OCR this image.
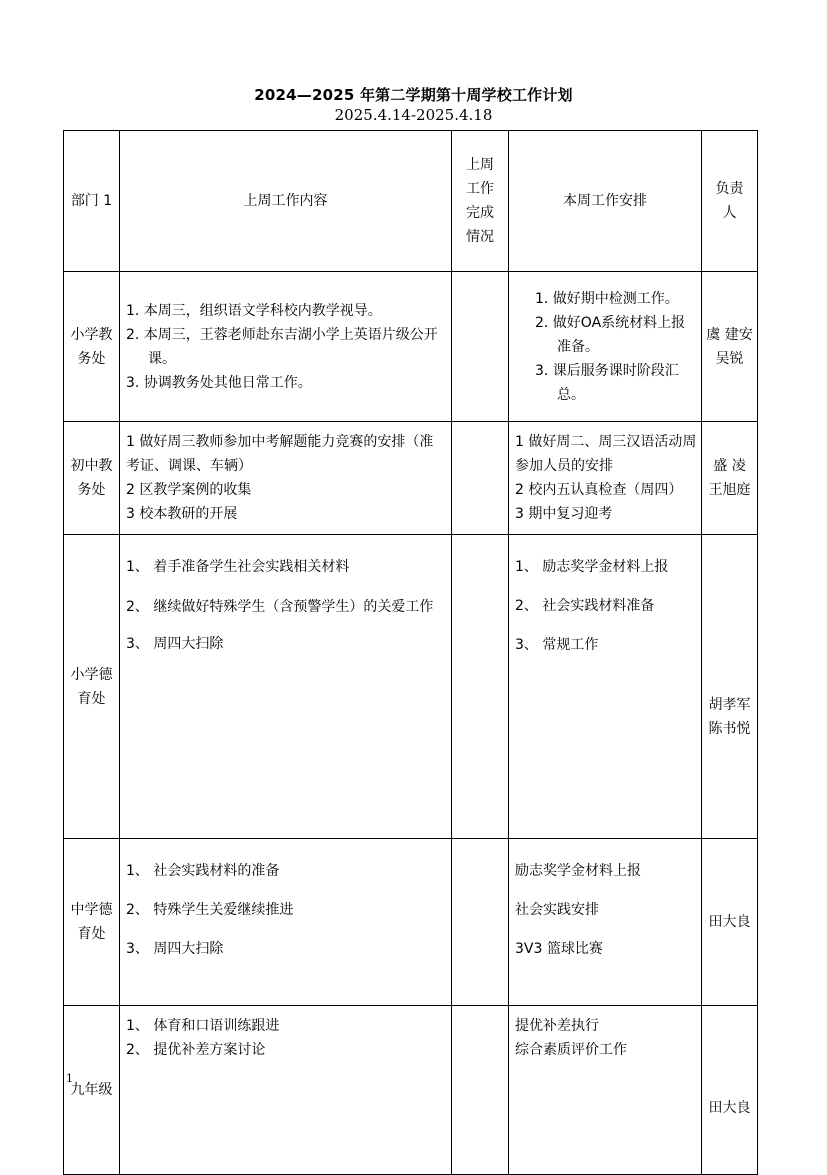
2024—2025 年第二学期第十周学校工作计划
2025.4.14-2025.4.18
部门 1	上周工作内容	上周工作完成情况	本周工作安排	负责人
小学教务处	1. 本周三，组织语文学科校内教学视导。
2. 本周三，王蓉老师赴东吉湖小学上英语片级公开课。
3. 协调教务处其他日常工作。		1. 做好期中检测工作。
2. 做好OA系统材料上报准备。
3. 课后服务课时阶段汇总。	虞 建安 吴锐
初中教务处	1 做好周三教师参加中考解题能力竞赛的安排（准考证、调课、车辆）
2 区教学案例的收集
3 校本教研的开展		1 做好周二、周三汉语活动周参加人员的安排
2 校内五认真检查（周四）
3 期中复习迎考	盛 凌 王旭庭
小学德育处	1、 着手准备学生社会实践相关材料
2、 继续做好特殊学生（含预警学生）的关爱工作
3、 周四大扫除		1、 励志奖学金材料上报
2、 社会实践材料准备
3、 常规工作	胡孝军 陈书悦
中学德育处	1、 社会实践材料的准备
2、 特殊学生关爱继续推进
3、 周四大扫除		励志奖学金材料上报
社会实践安排
3V3 篮球比赛	田大良
九年级	1、 体育和口语训练跟进
2、 提优补差方案讨论		提优补差执行
综合素质评价工作	田大良
1
